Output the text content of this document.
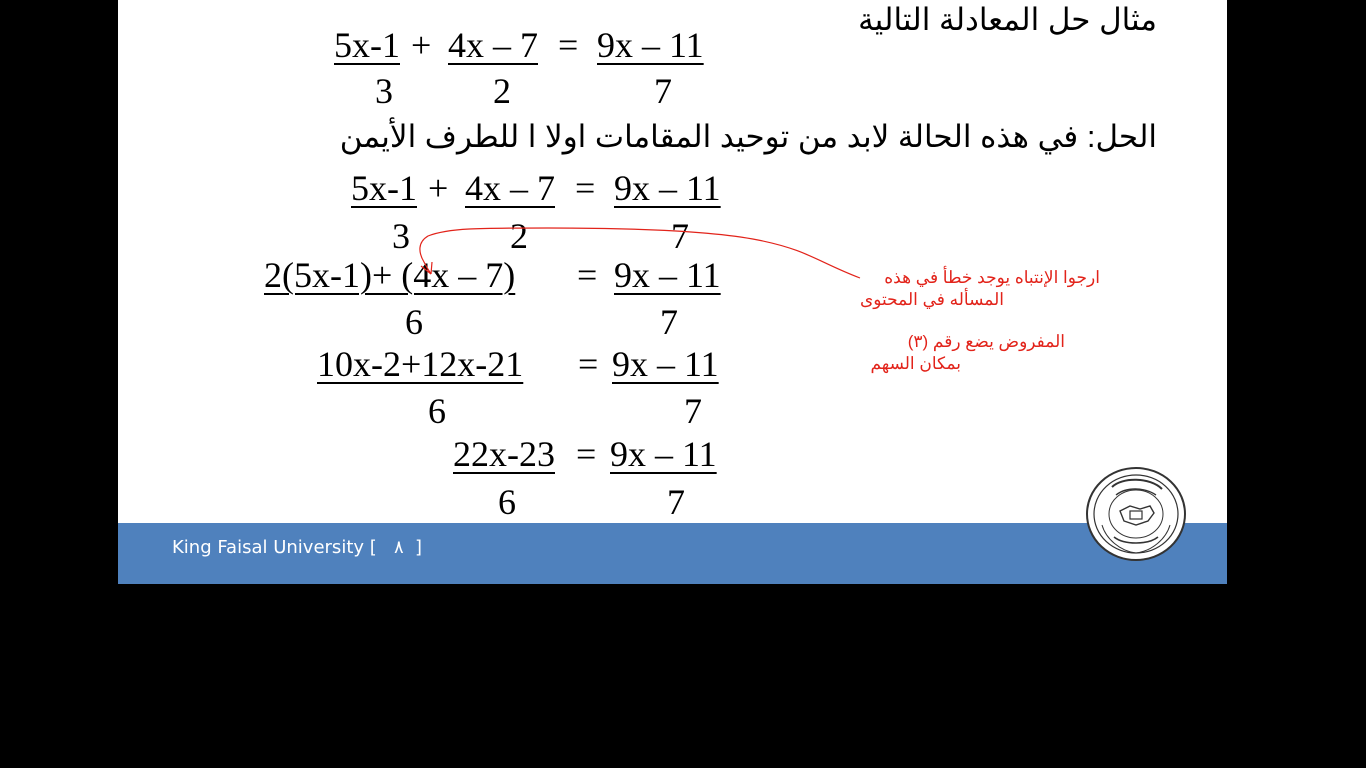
مثال حل المعادلة التالية
5x-1 + 4x – 7 = 9x – 11
3	2	7
الحل: في هذه الحالة لابد من توحيد المقامات اولا ا للطرف الأيمن
5x-1 + 4x – 7 = 9x – 11
3	2	7
2(5x-1)+ (4x – 7) = 9x – 11
6	7
10x-2+12x-21 = 9x – 11
6	7
22x-23 = 9x – 11
6	7
ارجوا الإنتباه يوجد خطأ في هذه
المسأله في المحتوى
المفروض يضع رقم (٣)
بمكان السهم
King Faisal University [   ٨  ]
